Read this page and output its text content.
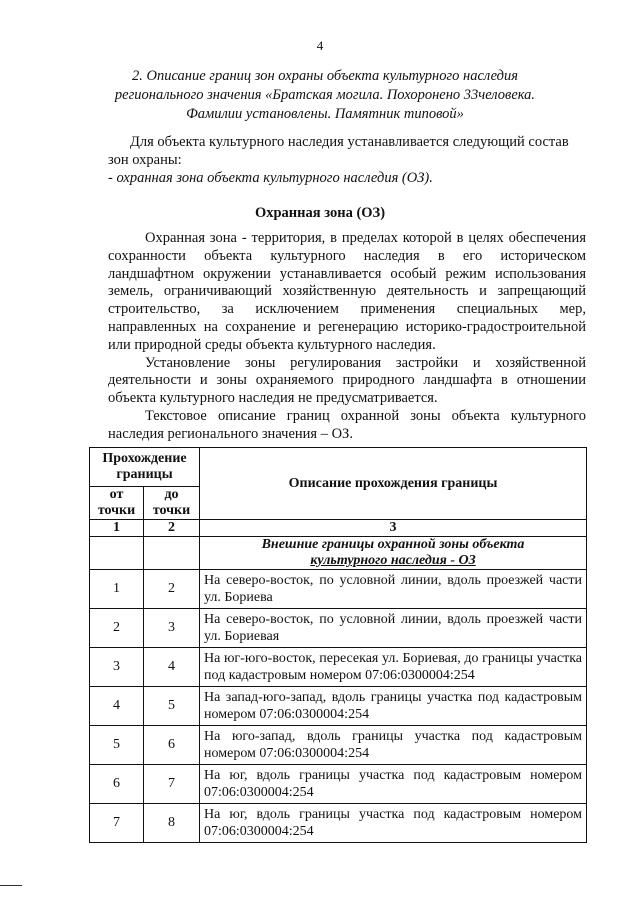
4
2. Описание границ зон охраны объекта культурного наследия регионального значения «Братская могила. Похоронено 33человека. Фамилии установлены. Памятник типовой»

Для объекта культурного наследия устанавливается следующий состав зон охраны:

- охранная зона объекта культурного наследия (ОЗ).

Охранная зона (ОЗ)

Охранная зона - территория, в пределах которой в целях обеспечения сохранности объекта культурного наследия в его историческом ландшафтном окружении устанавливается особый режим использования земель, ограничивающий хозяйственную деятельность и запрещающий строительство, за исключением применения специальных мер, направленных на сохранение и регенерацию историко-градостроительной или природной среды объекта культурного наследия.

Установление зоны регулирования застройки и хозяйственной деятельности и зоны охраняемого природного ландшафта в отношении объекта культурного наследия не предусматривается.

Текстовое описание границ охранной зоны объекта культурного наследия регионального значения – ОЗ.

Прохождение границы		Описание прохождения границы
от точки	до точки	
1	2	3

		Внешние границы охранной зоны объекта
культурного наследия - ОЗ

1	2	На северо-восток, по условной линии, вдоль проезжей части ул. Бориева
2	3	На северо-восток, по условной линии, вдоль проезжей части ул. Бориевая
3	4	На юг-юго-восток, пересекая ул. Бориевая, до границы участка под кадастровым номером 07:06:0300004:254
4	5	На запад-юго-запад, вдоль границы участка под кадастровым номером 07:06:0300004:254
5	6	На юго-запад, вдоль границы участка под кадастровым номером 07:06:0300004:254
6	7	На юг, вдоль границы участка под кадастровым номером 07:06:0300004:254
7	8	На юг, вдоль границы участка под кадастровым номером 07:06:0300004:254
